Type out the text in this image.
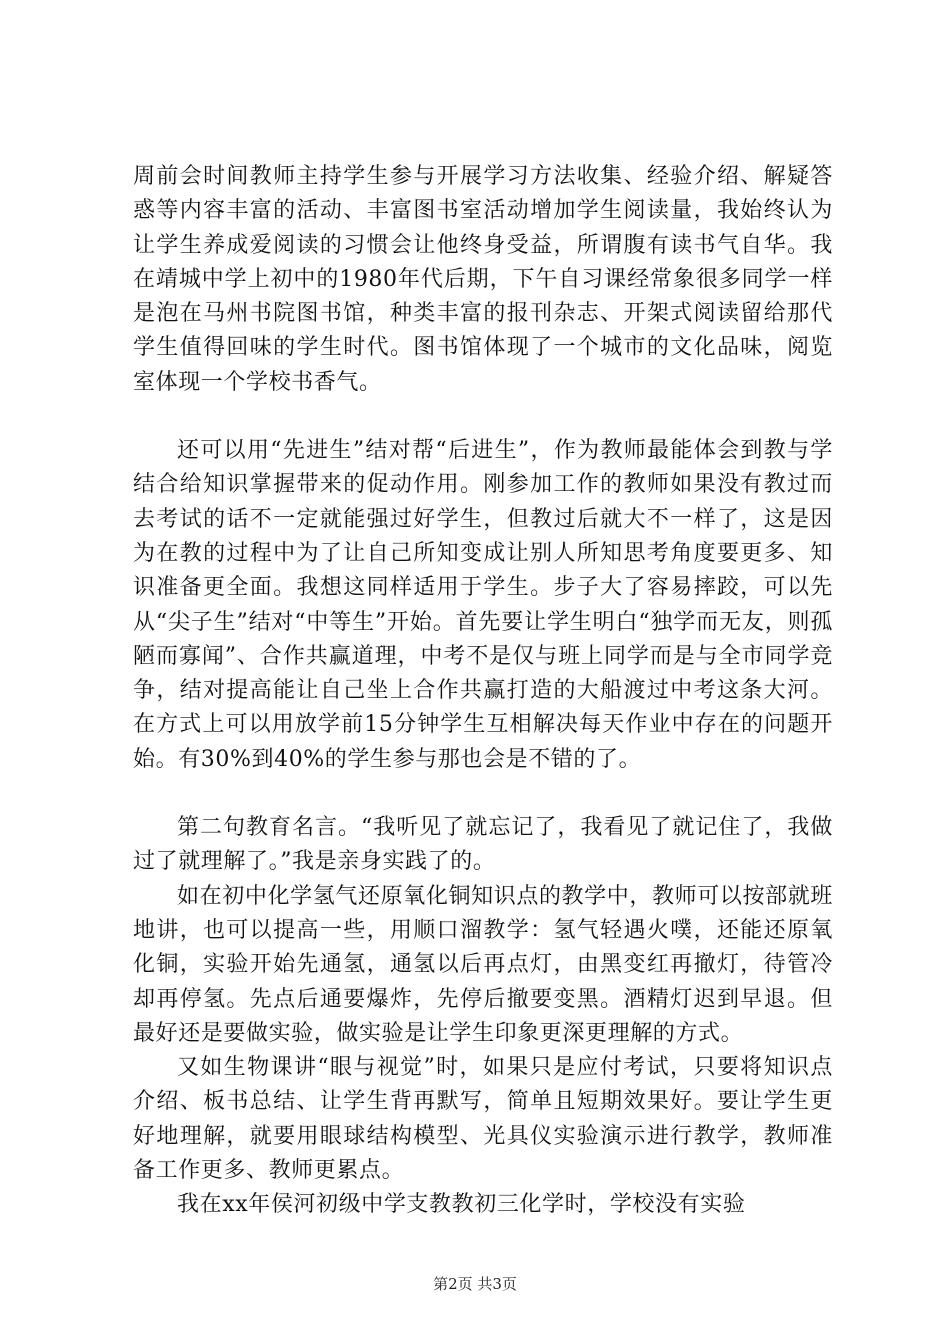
周前会时间教师主持学生参与开展学习方法收集、经验介绍、解疑答惑等内容丰富的活动、丰富图书室活动增加学生阅读量，我始终认为让学生养成爱阅读的习惯会让他终身受益，所谓腹有读书气自华。我在靖城中学上初中的1980年代后期，下午自习课经常象很多同学一样是泡在马州书院图书馆，种类丰富的报刊杂志、开架式阅读留给那代学生值得回味的学生时代。图书馆体现了一个城市的文化品味，阅览室体现一个学校书香气。

还可以用“先进生”结对帮“后进生”，作为教师最能体会到教与学结合给知识掌握带来的促动作用。刚参加工作的教师如果没有教过而去考试的话不一定就能强过好学生，但教过后就大不一样了，这是因为在教的过程中为了让自己所知变成让别人所知思考角度要更多、知识准备更全面。我想这同样适用于学生。步子大了容易摔跤，可以先从“尖子生”结对“中等生”开始。首先要让学生明白“独学而无友，则孤陋而寡闻”、合作共赢道理，中考不是仅与班上同学而是与全市同学竞争，结对提高能让自己坐上合作共赢打造的大船渡过中考这条大河。在方式上可以用放学前15分钟学生互相解决每天作业中存在的问题开始。有30%到40%的学生参与那也会是不错的了。

第二句教育名言。“我听见了就忘记了，我看见了就记住了，我做过了就理解了。”我是亲身实践了的。

如在初中化学氢气还原氧化铜知识点的教学中，教师可以按部就班地讲，也可以提高一些，用顺口溜教学：氢气轻遇火噗，还能还原氧化铜，实验开始先通氢，通氢以后再点灯，由黑变红再撤灯，待管冷却再停氢。先点后通要爆炸，先停后撤要变黑。酒精灯迟到早退。但最好还是要做实验，做实验是让学生印象更深更理解的方式。

又如生物课讲“眼与视觉”时，如果只是应付考试，只要将知识点介绍、板书总结、让学生背再默写，简单且短期效果好。要让学生更好地理解，就要用眼球结构模型、光具仪实验演示进行教学，教师准备工作更多、教师更累点。

我在xx年侯河初级中学支教教初三化学时，学校没有实验

第2页 共3页
